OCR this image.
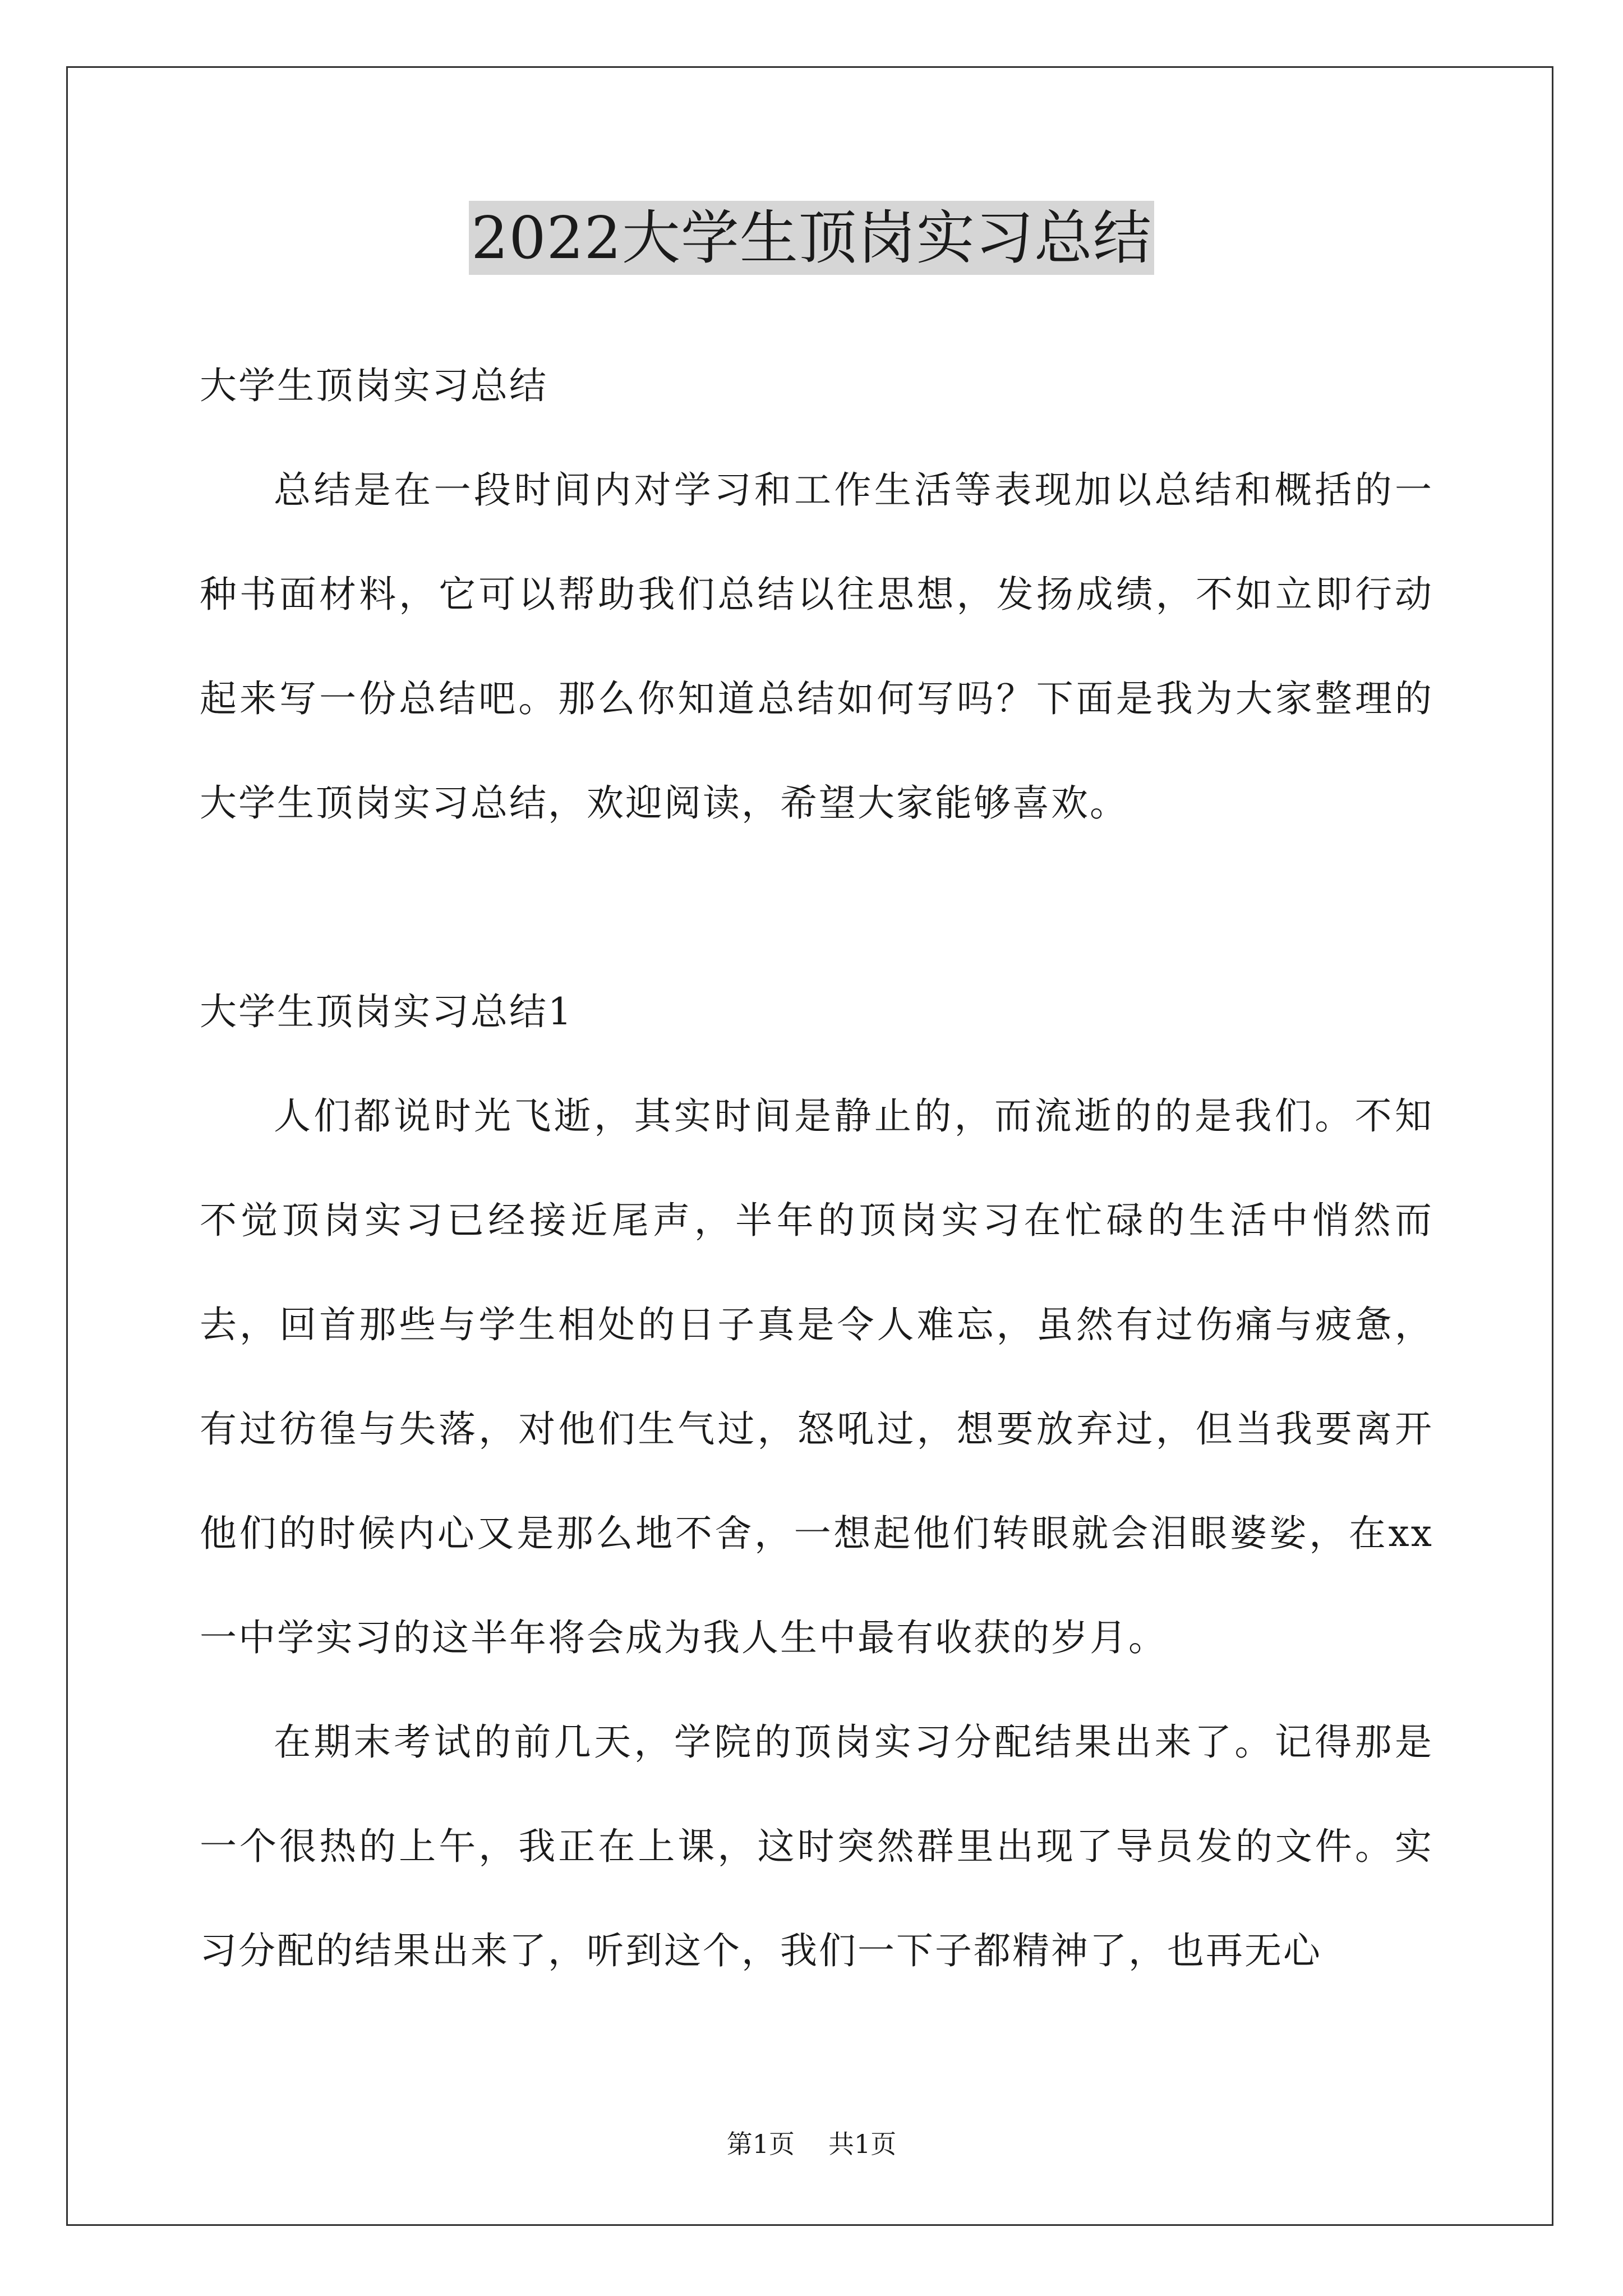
2022大学生顶岗实习总结

大学生顶岗实习总结

总结是在一段时间内对学习和工作生活等表现加以总结和概括的一种书面材料，它可以帮助我们总结以往思想，发扬成绩，不如立即行动起来写一份总结吧。那么你知道总结如何写吗？下面是我为大家整理的大学生顶岗实习总结，欢迎阅读，希望大家能够喜欢。

大学生顶岗实习总结1

人们都说时光飞逝，其实时间是静止的，而流逝的的是我们。不知不觉顶岗实习已经接近尾声，半年的顶岗实习在忙碌的生活中悄然而去，回首那些与学生相处的日子真是令人难忘，虽然有过伤痛与疲惫，有过彷徨与失落，对他们生气过，怒吼过，想要放弃过，但当我要离开他们的时候内心又是那么地不舍，一想起他们转眼就会泪眼婆娑，在xx一中学实习的这半年将会成为我人生中最有收获的岁月。

在期末考试的前几天，学院的顶岗实习分配结果出来了。记得那是一个很热的上午，我正在上课，这时突然群里出现了导员发的文件。实习分配的结果出来了，听到这个，我们一下子都精神了，也再无心

第1页 共1页
